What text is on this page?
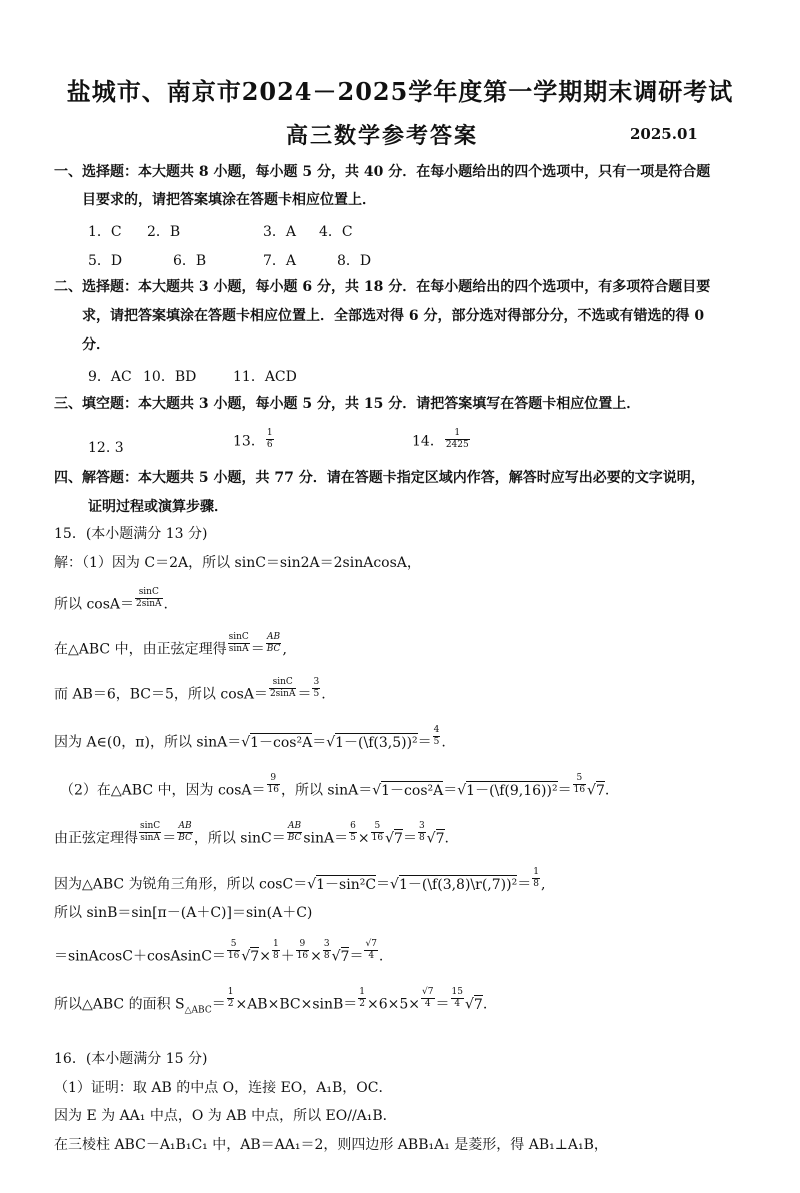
盐城市、南京市2024－2025学年度第一学期期末调研考试
高三数学参考答案	2025.01
一、选择题：本大题共 8 小题，每小题 5 分，共 40 分．在每小题给出的四个选项中，只有一项是符合题
目要求的，请把答案填涂在答题卡相应位置上．
1．C 2．B	3．A 4．C
5．D	6．B	7．A	8．D
二、选择题：本大题共 3 小题，每小题 6 分，共 18 分．在每小题给出的四个选项中，有多项符合题目要
求，请把答案填涂在答题卡相应位置上．全部选对得 6 分，部分选对得部分分，不选或有错选的得 0
分．
9．AC 10．BD	11．ACD
三、填空题：本大题共 3 小题，每小题 5 分，共 15 分．请把答案填写在答题卡相应位置上．
12. 3	13． $\frac{1}{6}$	14． $\frac{1}{2425}$
四、解答题：本大题共 5 小题，共 77 分．请在答题卡指定区域内作答，解答时应写出必要的文字说明，
证明过程或演算步骤．
15．(本小题满分 13 分)
解：（1）因为 C＝2A，所以 sinC＝sin2A＝2sinAcosA，
所以 $\cos A= \frac{\sin C}{2\sin A}$ .
在△ABC 中，由正弦定理得 $\frac{\sin C}{\sin A} = \frac{AB}{BC}$ ,
而 AB＝6，BC＝5，所以 $\cos A= \frac{\sin C}{2\sin A} = \frac{3}{5}$ .
因为 A∈(0，π)，所以 sinA＝√1－cos²A＝√1－(\f(3,5))²＝ $\frac{4}{5}$ .
（2）在△ABC 中，因为 $\cos A= \frac{9}{16}$ ，所以 sinA＝√1－cos²A＝√1－(\f(9,16))²＝ $\frac{5}{16} √7$.
由正弦定理得 $\frac{\sin C}{\sin A} = \frac{AB}{BC}$ ，所以 $\sin C= \frac{AB}{BC} \sin A= \frac{6}{5} \times \frac{5}{16} √7= \frac{3}{8} √7$.
因为△ABC 为锐角三角形，所以 cosC＝√1－sin²C＝√1－(\f(3,8)\r(,7))²＝ $\frac{1}{8}$ ,
所以 sinB＝sin[π－(A＋C)]＝sin(A＋C)
＝sinAcosC＋cosAsinC＝ $\frac{5}{16} √7\times \frac{1}{8} + \frac{9}{16} \times \frac{3}{8} √7= \frac{√7}{4}$ .
所以△ABC 的面积 $S_{\triangle ABC}= \frac{1}{2} \times AB\times BC\times\sin B= \frac{1}{2} \times 6\times 5\times \frac{√7}{4} = \frac{15}{4} √7$.
16．(本小题满分 15 分)
（1）证明：取 AB 的中点 O，连接 EO，A₁B，OC．
因为 E 为 AA₁ 中点，O 为 AB 中点，所以 EO//A₁B．
在三棱柱 ABC－A₁B₁C₁ 中，AB＝AA₁＝2，则四边形 ABB₁A₁ 是菱形，得 AB₁⊥A₁B，
